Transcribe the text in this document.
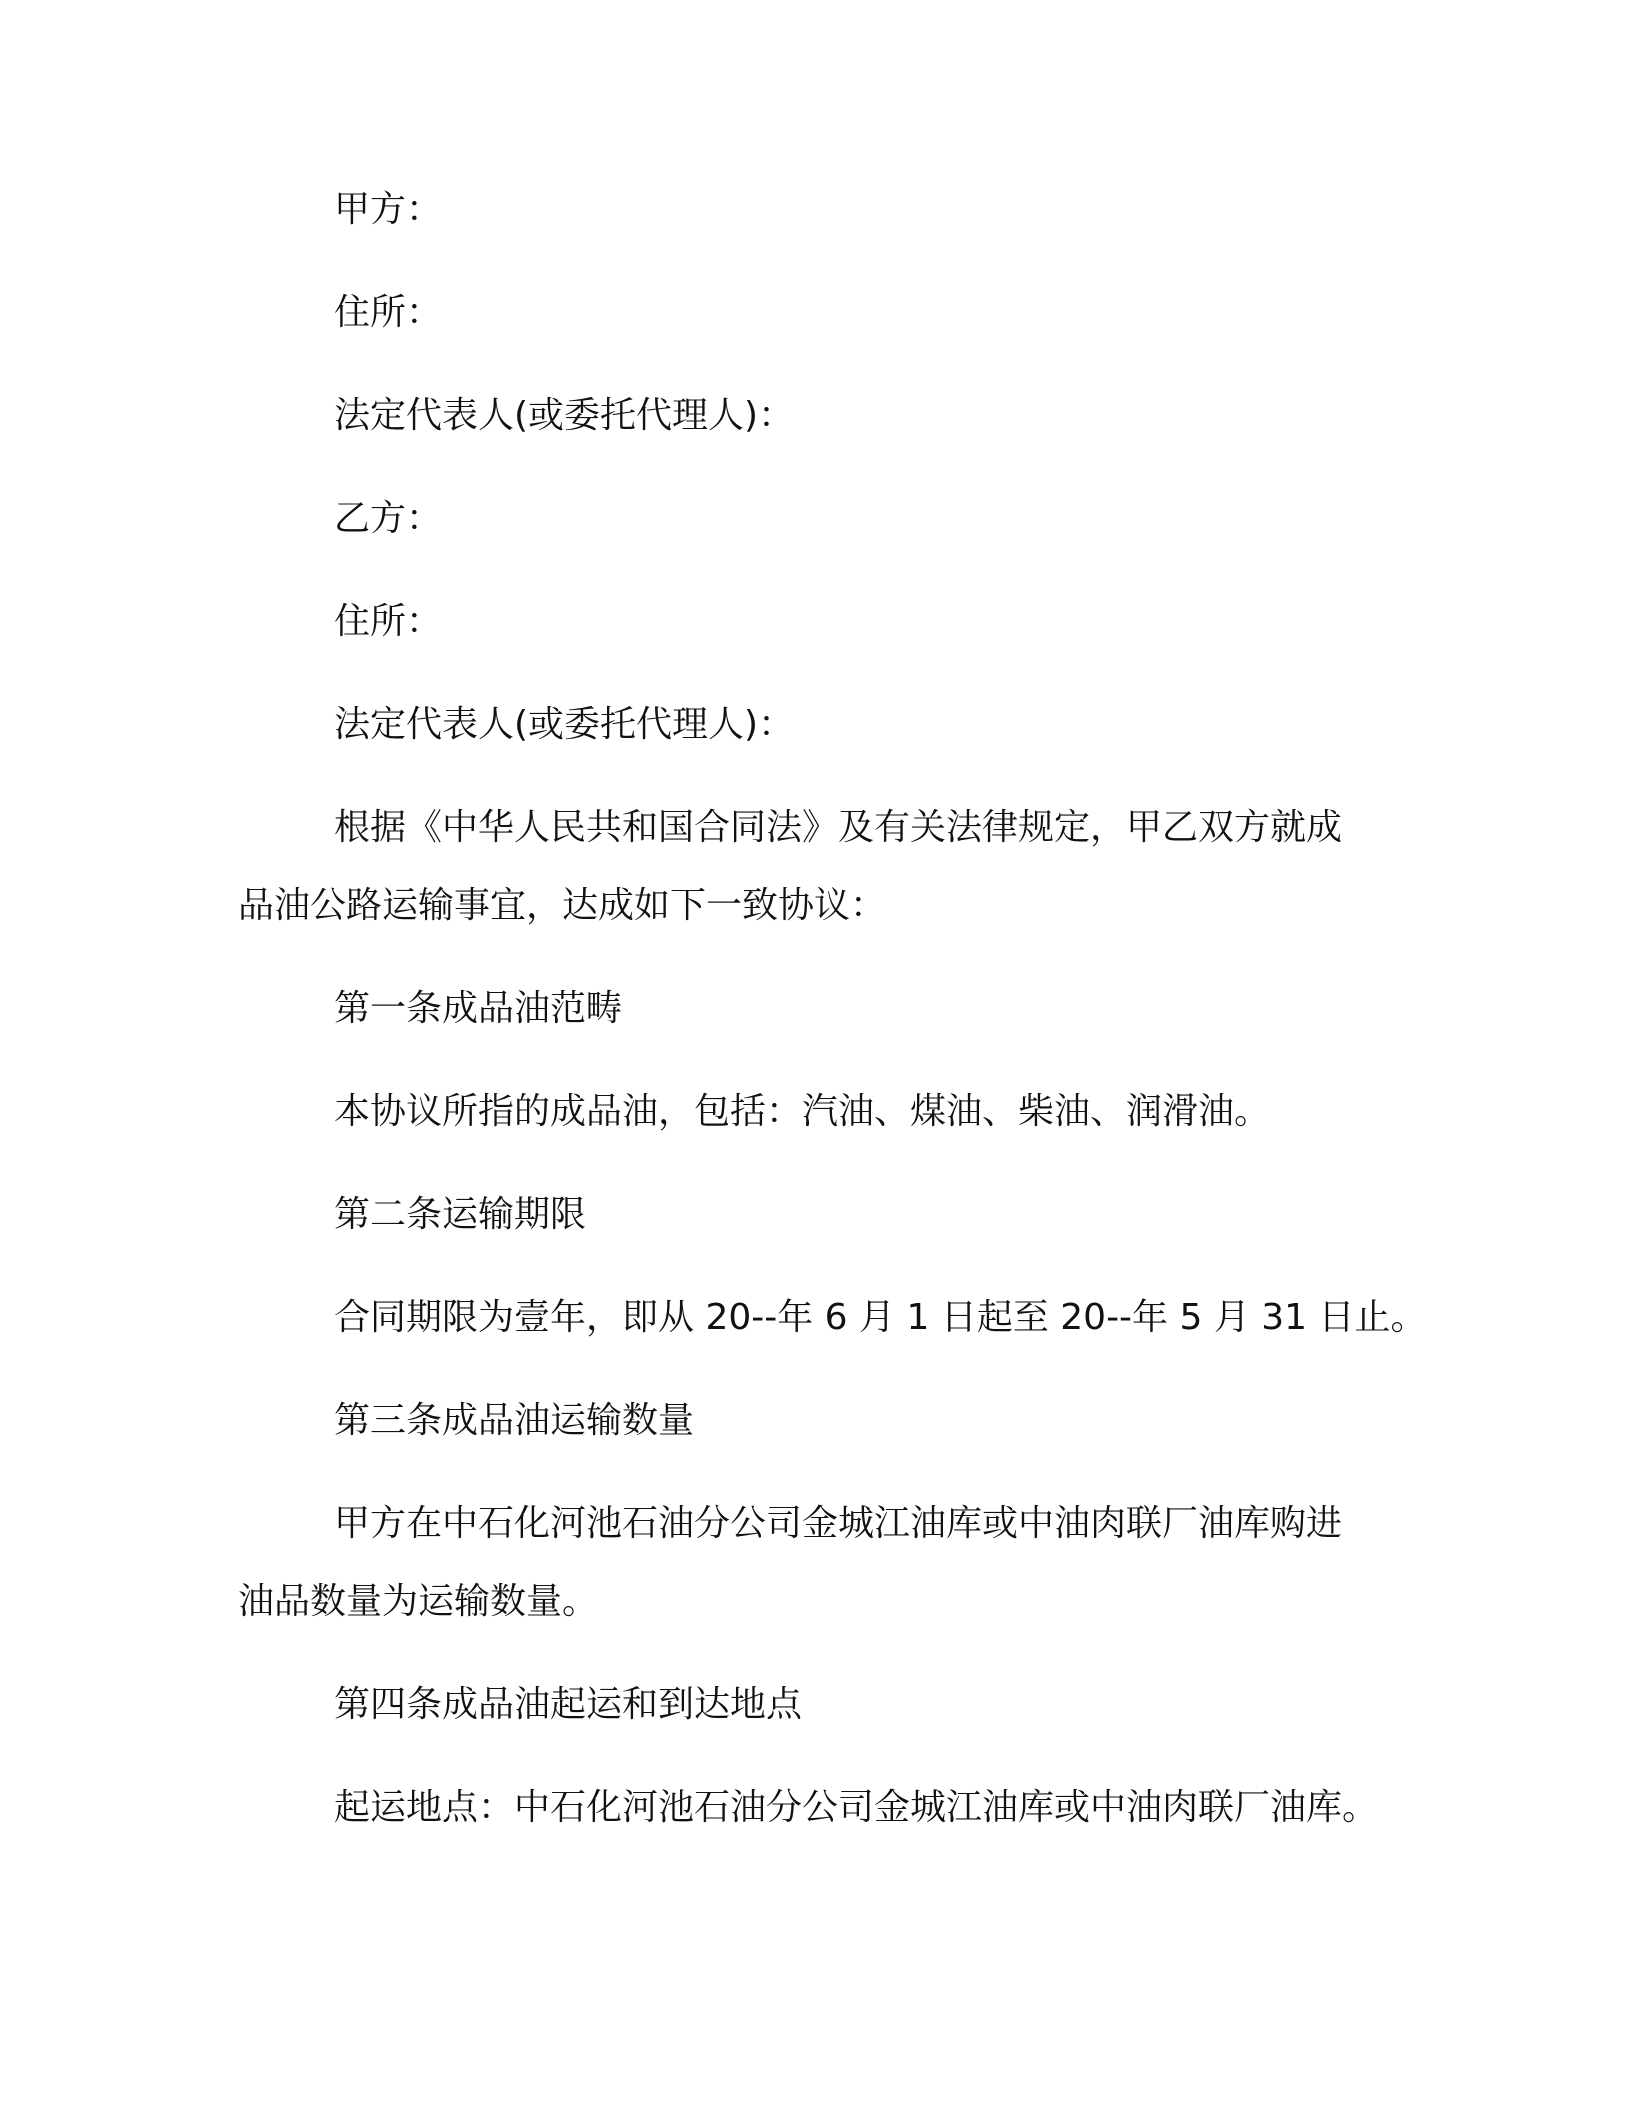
甲方：
住所：
法定代表人(或委托代理人)：
乙方：
住所：
法定代表人(或委托代理人)：
根据《中华人民共和国合同法》及有关法律规定，甲乙双方就成
品油公路运输事宜，达成如下一致协议：
第一条成品油范畴
本协议所指的成品油，包括：汽油、煤油、柴油、润滑油。
第二条运输期限
合同期限为壹年，即从 20--年 6 月 1 日起至 20--年 5 月 31 日止。
第三条成品油运输数量
甲方在中石化河池石油分公司金城江油库或中油肉联厂油库购进
油品数量为运输数量。
第四条成品油起运和到达地点
起运地点：中石化河池石油分公司金城江油库或中油肉联厂油库。
